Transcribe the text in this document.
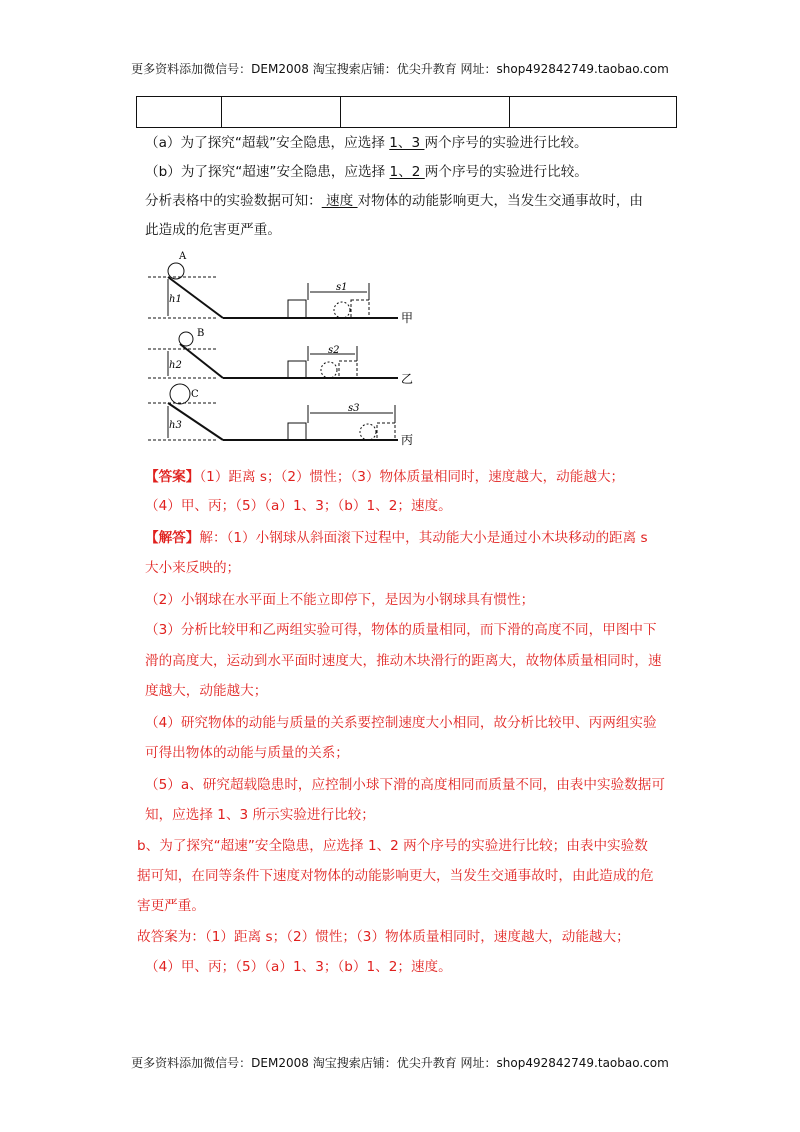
更多资料添加微信号：DEM2008 淘宝搜索店铺：优尖升教育 网址：shop492842749.taobao.com

（a）为了探究“超载”安全隐患，应选择 1、3 两个序号的实验进行比较。
（b）为了探究“超速”安全隐患，应选择 1、2 两个序号的实验进行比较。
分析表格中的实验数据可知： 速度 对物体的动能影响更大，当发生交通事故时，由
此造成的危害更严重。
A
h1
s1
甲
B
h2
s2
乙
C
h3
s3
丙
【答案】（1）距离 s；（2）惯性；（3）物体质量相同时，速度越大，动能越大；
（4）甲、丙；（5）（a）1、3；（b）1、2；速度。
【解答】解：（1）小钢球从斜面滚下过程中，其动能大小是通过小木块移动的距离 s
大小来反映的；
（2）小钢球在水平面上不能立即停下，是因为小钢球具有惯性；
（3）分析比较甲和乙两组实验可得，物体的质量相同，而下滑的高度不同，甲图中下
滑的高度大，运动到水平面时速度大，推动木块滑行的距离大，故物体质量相同时，速
度越大，动能越大；
（4）研究物体的动能与质量的关系要控制速度大小相同，故分析比较甲、丙两组实验
可得出物体的动能与质量的关系；
（5）a、研究超载隐患时，应控制小球下滑的高度相同而质量不同，由表中实验数据可
知，应选择 1、3 所示实验进行比较；
b、为了探究“超速”安全隐患，应选择 1、2 两个序号的实验进行比较；由表中实验数
据可知，在同等条件下速度对物体的动能影响更大，当发生交通事故时，由此造成的危
害更严重。
故答案为：（1）距离 s；（2）惯性；（3）物体质量相同时，速度越大，动能越大；
（4）甲、丙；（5）（a）1、3；（b）1、2；速度。
更多资料添加微信号：DEM2008 淘宝搜索店铺：优尖升教育 网址：shop492842749.taobao.com
